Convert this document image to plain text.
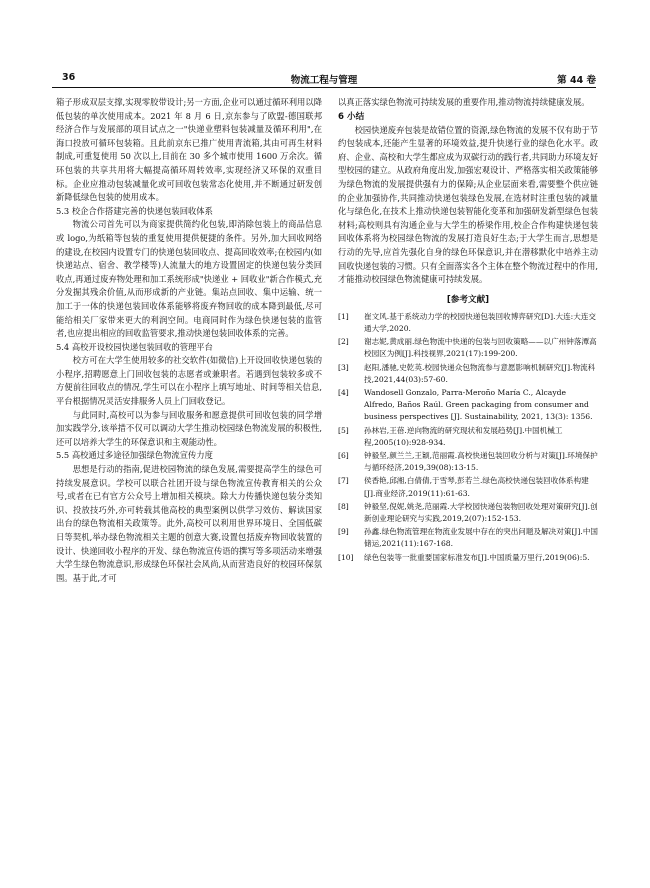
36	物流工程与管理	第 44 卷

箱子形成双层支撑,实现零胶带设计;另一方面,企业可以通过循环利用以降低包装的单次使用成本。2021 年 8 月 6 日,京东参与了欧盟-德国联邦经济合作与发展部的项目试点之一"快递业塑料包装减量及循环利用",在海口投放可循环包装箱。且此前京东已推广使用青流箱,其由可再生材料制成,可重复使用 50 次以上,目前在 30 多个城市使用 1600 万余次。循环包装的共享共用将大幅提高循环周转效率,实现经济又环保的双重目标。企业应推动包装减量化或可回收包装常态化使用,并不断通过研发创新降低绿色包装的使用成本。

5.3 校企合作搭建完善的快递包装回收体系

物流公司首先可以为商家提供简约化包装,即消除包装上的商品信息或 logo,为纸箱等包装的重复使用提供便捷的条件。另外,加大回收网络的建设,在校园内设置专门的快递包装回收点、提高回收效率;在校园内(如快递站点、宿舍、教学楼等)人流量大的地方设置固定的快递包装分类回收点,再通过废弃物处理和加工系统形成"快递业 + 回收业"新合作模式,充分发掘其残余价值,从而形成新的产业链。集站点回收、集中运输、统一加工于一体的快递包装回收体系能够将废弃物回收的成本降到最低,尽可能给相关厂家带来更大的利润空间。电商同时作为绿色快递包装的监管者,也应提出相应的回收监管要求,推动快递包装回收体系的完善。

5.4 高校开设校园快递包装回收的管理平台

校方可在大学生使用较多的社交软件(如微信)上开设回收快递包装的小程序,招聘愿意上门回收包装的志愿者或兼职者。若遇到包装较多或不方便前往回收点的情况,学生可以在小程序上填写地址、时间等相关信息,平台根据情况灵活安排服务人员上门回收登记。

与此同时,高校可以为参与回收服务和愿意提供可回收包装的同学增加实践学分,该举措不仅可以调动大学生推动校园绿色物流发展的积极性,还可以培养大学生的环保意识和主观能动性。

5.5 高校通过多途径加强绿色物流宣传力度

思想是行动的指南,促进校园物流的绿色发展,需要提高学生的绿色可持续发展意识。学校可以联合社团开设与绿色物流宣传教育相关的公众号,或者在已有官方公众号上增加相关模块。除大力传播快递包装分类知识、投放技巧外,亦可转载其他高校的典型案例以供学习效仿、解读国家出台的绿色物流相关政策等。此外,高校可以利用世界环境日、全国低碳日等契机,举办绿色物流相关主题的创意大赛,设置包括废弃物回收装置的设计、快递回收小程序的开发、绿色物流宣传语的撰写等多项活动来增强大学生绿色物流意识,形成绿色环保社会风尚,从而营造良好的校园环保氛围。基于此,才可

以真正落实绿色物流可持续发展的重要作用,推动物流持续健康发展。

6 小结

校园快递废弃包装是故错位置的资源,绿色物流的发展不仅有助于节约包装成本,还能产生显著的环境效益,提升快递行业的绿色化水平。政府、企业、高校和大学生都应成为双碳行动的践行者,共同助力环境友好型校园的建立。从政府角度出发,加强宏观设计、严格落实相关政策能够为绿色物流的发展提供强有力的保障;从企业层面来看,需要整个供应链的企业加强协作,共同推动快递包装绿色发展,在选材时注重包装的减量化与绿色化,在技术上推动快递包装智能化变革和加强研发新型绿色包装材料;高校则具有沟通企业与大学生的桥梁作用,校企合作构建快递包装回收体系将为校园绿色物流的发展打造良好生态;于大学生而言,思想是行动的先导,应首先强化自身的绿色环保意识,并在潜移默化中培养主动回收快递包装的习惯。只有全面落实各个主体在整个物流过程中的作用,才能推动校园绿色物流健康可持续发展。

[参考文献]
[1] 崔文风.基于系统动力学的校园快递包装回收博弈研究[D].大连:大连交通大学,2020.
[2] 谢志妮,黄成丽.绿色物流中快递的包装与回收策略——以广州钟落潭高校园区为例[J].科技视界,2021(17):199-200.
[3] 赵阳,潘驰,史乾英.校园快递众包物流参与意愿影响机制研究[J].物流科技,2021,44(03):57-60.
[4] Wandosell Gonzalo, Parra-Meroño María C., Alcayde Alfredo, Baños Raúl. Green packaging from consumer and business perspectives [J]. Sustainability, 2021, 13(3): 1356.
[5] 孙林岩,王蓓.逆向物流的研究现状和发展趋势[J].中国机械工程,2005(10):928-934.
[6] 钟毅坚,颜兰兰,王颖,范丽霞.高校快递包装回收分析与对策[J].环境保护与循环经济,2019,39(08):13-15.
[7] 侯香艳,邱湘,白倩倩,于雪琴,彭若兰.绿色高校快递包装回收体系构建[J].商业经济,2019(11):61-63.
[8] 钟毅坚,倪妮,姚尧,范丽霞.大学校园快递包装物回收处理对策研究[J].创新创业理论研究与实践,2019,2(07):152-153.
[9] 孙鑫.绿色物流管理在物流业发展中存在的突出问题及解决对策[J].中国储运,2021(11):167-168.
[10] 绿色包装等一批重要国家标准发布[J].中国质量万里行,2019(06):5.
